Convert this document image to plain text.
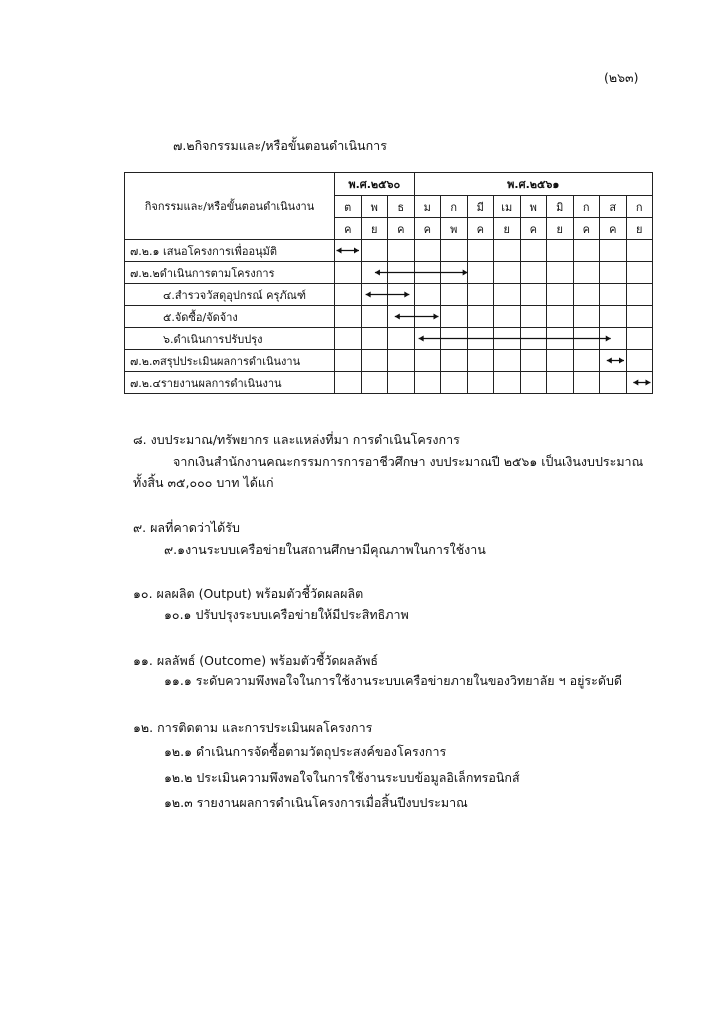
(๒๖๓)
๗.๒กิจกรรมและ/หรือขั้นตอนดำเนินการ
กิจกรรมและ/หรือขั้นตอนดำเนินงาน	พ.ศ.๒๕๖๐			พ.ศ.๒๕๖๑								
	ต	พ	ธ	ม	ก	มี	เม	พ	มิ	ก	ส	ก
	ค	ย	ค	ค	พ	ค	ย	ค	ย	ค	ค	ย
๗.๒.๑ เสนอโครงการเพื่ออนุมัติ												
๗.๒.๒ดำเนินการตามโครงการ												
๔.สำรวจวัสดุอุปกรณ์ ครุภัณฑ์												
๕.จัดซื้อ/จัดจ้าง												
๖.ดำเนินการปรับปรุง												
๗.๒.๓สรุปประเมินผลการดำเนินงาน												
๗.๒.๔รายงานผลการดำเนินงาน												
๘. งบประมาณ/ทรัพยากร และแหล่งที่มา การดำเนินโครงการ
จากเงินสำนักงานคณะกรรมการการอาชีวศึกษา งบประมาณปี ๒๕๖๑ เป็นเงินงบประมาณ
ทั้งสิ้น ๓๕,๐๐๐ บาท ได้แก่
๙. ผลที่คาดว่าได้รับ
๙.๑งานระบบเครือข่ายในสถานศึกษามีคุณภาพในการใช้งาน
๑๐. ผลผลิต (Output) พร้อมตัวชี้วัดผลผลิต
๑๐.๑ ปรับปรุงระบบเครือข่ายให้มีประสิทธิภาพ
๑๑. ผลลัพธ์ (Outcome) พร้อมตัวชี้วัดผลลัพธ์
๑๑.๑ ระดับความพึงพอใจในการใช้งานระบบเครือข่ายภายในของวิทยาลัย ฯ อยู่ระดับดี
๑๒. การติดตาม และการประเมินผลโครงการ
๑๒.๑ ดำเนินการจัดซื้อตามวัตถุประสงค์ของโครงการ
๑๒.๒ ประเมินความพึงพอใจในการใช้งานระบบข้อมูลอิเล็กทรอนิกส์
๑๒.๓ รายงานผลการดำเนินโครงการเมื่อสิ้นปีงบประมาณ
